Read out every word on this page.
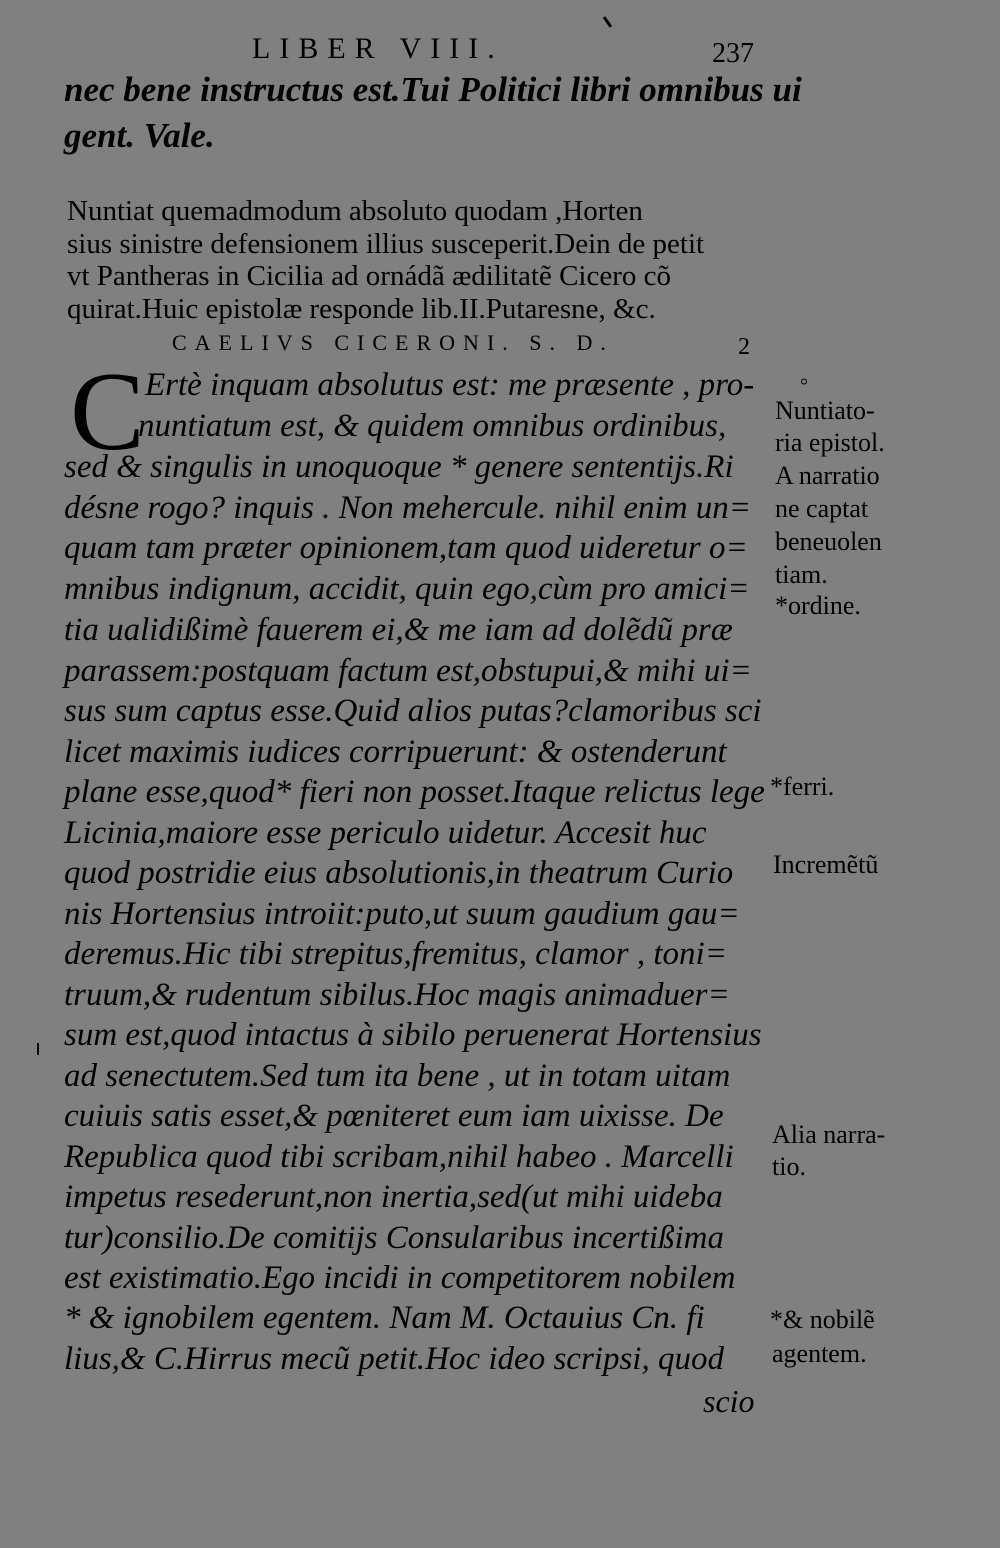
LIBER VIII.	237
nec bene instructus est.Tui Politici libri omnibus ui
gent. Vale.
Nuntiat quemadmodum absoluto quodam ,Horten
sius sinistre defensionem illius susceperit.Dein de petit
vt Pantheras in Cicilia ad ornádã ædilitatẽ Cicero cõ
quirat.Huic epistolæ responde lib.II.Putaresne, &c.
CAELIVS CICERONI. S. D.	2
C Ertè inquam absolutus est: me præsente , pro-
nuntiatum est, & quidem omnibus ordinibus,
sed & singulis in unoquoque * genere sententijs.Ri
désne rogo? inquis . Non mehercule. nihil enim un=
quam tam præter opinionem,tam quod uideretur o=
mnibus indignum, accidit, quin ego,cùm pro amici=
tia ualidißimè fauerem ei,& me iam ad dolẽdũ præ
parassem:postquam factum est,obstupui,& mihi ui=
sus sum captus esse.Quid alios putas?clamoribus sci
licet maximis iudices corripuerunt: & ostenderunt
plane esse,quod* fieri non posset.Itaque relictus lege
Licinia,maiore esse periculo uidetur. Accesit huc
quod postridie eius absolutionis,in theatrum Curio
nis Hortensius introiit:puto,ut suum gaudium gau=
deremus.Hic tibi strepitus,fremitus, clamor , toni=
truum,& rudentum sibilus.Hoc magis animaduer=
sum est,quod intactus à sibilo peruenerat Hortensius
ad senectutem.Sed tum ita bene , ut in totam uitam
cuiuis satis esset,& pœniteret eum iam uixisse. De
Republica quod tibi scribam,nihil habeo . Marcelli
impetus resederunt,non inertia,sed(ut mihi uideba
tur)consilio.De comitijs Consularibus incertißima
est existimatio.Ego incidi in competitorem nobilem
* & ignobilem egentem. Nam M. Octauius Cn. fi
lius,& C.Hirrus mecũ petit.Hoc ideo scripsi, quod
scio
°
Nuntiato-
ria epistol.
A narratio
ne captat
beneuolen
tiam.
*ordine.
*ferri.
Incremẽtũ
Alia narra-
tio.
*& nobilẽ
agentem.
